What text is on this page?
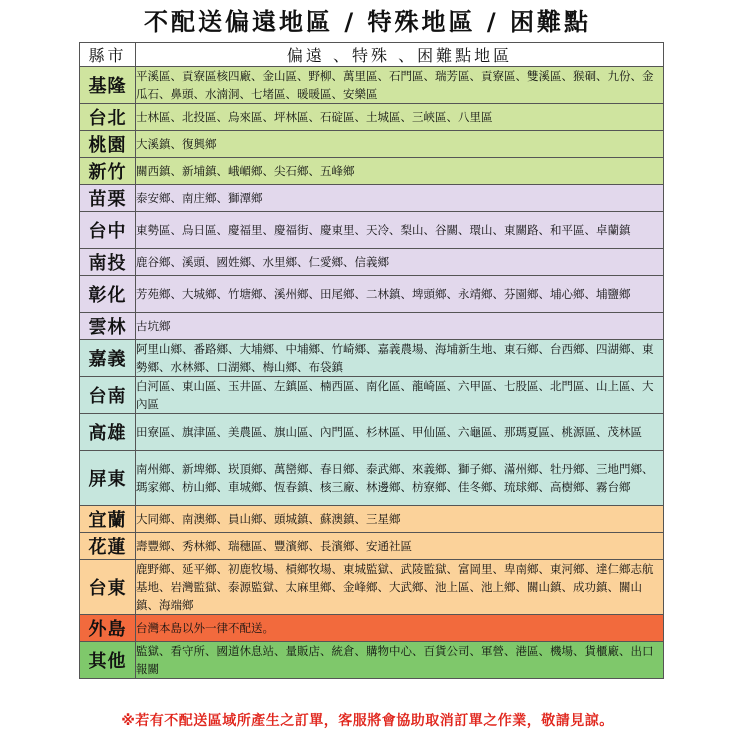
不配送偏遠地區 / 特殊地區 / 困難點
縣市	偏遠 、特殊 、困難點地區
基隆	平溪區、貢寮區核四廠、金山區、野柳、萬里區、石門區、瑞芳區、貢寮區、雙溪區、猴硐、九份、金瓜石、鼻頭、水湳洞、七堵區、暖暖區、安樂區
台北	士林區、北投區、烏來區、坪林區、石碇區、土城區、三峽區、八里區
桃園	大溪鎮、復興鄉
新竹	關西鎮、新埔鎮、峨嵋鄉、尖石鄉、五峰鄉
苗栗	泰安鄉、南庄鄉、獅潭鄉
台中	東勢區、烏日區、慶福里、慶福街、慶東里、天冷、梨山、谷關、環山、東關路、和平區、卓蘭鎮
南投	鹿谷鄉、溪頭、國姓鄉、水里鄉、仁愛鄉、信義鄉
彰化	芳苑鄉、大城鄉、竹塘鄉、溪州鄉、田尾鄉、二林鎮、埤頭鄉、永靖鄉、芬園鄉、埔心鄉、埔鹽鄉
雲林	古坑鄉
嘉義	阿里山鄉、番路鄉、大埔鄉、中埔鄉、竹崎鄉、嘉義農場、海埔新生地、東石鄉、台西鄉、四湖鄉、東勢鄉、水林鄉、口湖鄉、梅山鄉、布袋鎮
台南	白河區、東山區、玉井區、左鎮區、楠西區、南化區、龍崎區、六甲區、七股區、北門區、山上區、大內區
高雄	田寮區、旗津區、美農區、旗山區、內門區、杉林區、甲仙區、六龜區、那瑪夏區、桃源區、茂林區
屏東	南州鄉、新埤鄉、崁頂鄉、萬巒鄉、春日鄉、泰武鄉、來義鄉、獅子鄉、滿州鄉、牡丹鄉、三地門鄉、瑪家鄉、枋山鄉、車城鄉、恆春鎮、核三廠、林邊鄉、枋寮鄉、佳冬鄉、琉球鄉、高樹鄉、霧台鄉
宜蘭	大同鄉、南澳鄉、員山鄉、頭城鎮、蘇澳鎮、三星鄉
花蓮	壽豐鄉、秀林鄉、瑞穗區、豐濱鄉、長濱鄉、安通社區
台東	鹿野鄉、延平鄉、初鹿牧場、槓鄉牧場、東城監獄、武陵監獄、富岡里、卑南鄉、東河鄉、達仁鄉志航基地、岩灣監獄、泰源監獄、太麻里鄉、金峰鄉、大武鄉、池上區、池上鄉、關山鎮、成功鎮、關山鎮、海端鄉
外島	台灣本島以外一律不配送。
其他	監獄、看守所、國道休息站、量販店、統倉、購物中心、百貨公司、軍營、港區、機場、貨櫃廠、出口報關
※若有不配送區域所產生之訂單，客服將會協助取消訂單之作業，敬請見諒。
